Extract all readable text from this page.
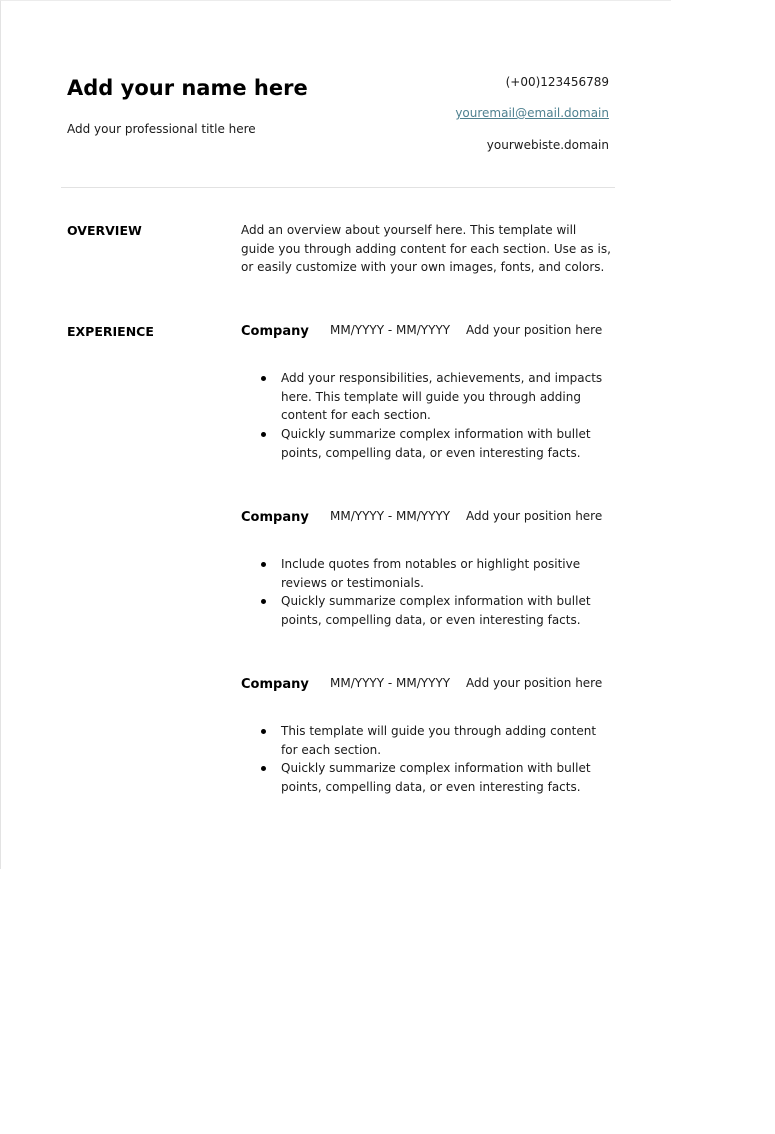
Add your name here
Add your professional title here
(+00)123456789
youremail@email.domain
yourwebiste.domain
OVERVIEW	Add an overview about yourself here. This template will guide you through adding content for each section. Use as is, or easily customize with your own images, fonts, and colors.
EXPERIENCE	Company MM/YYYY - MM/YYYY Add your position here
Add your responsibilities, achievements, and impacts here. This template will guide you through adding content for each section.
Quickly summarize complex information with bullet points, compelling data, or even interesting facts.
Company MM/YYYY - MM/YYYY Add your position here
Include quotes from notables or highlight positive reviews or testimonials.
Quickly summarize complex information with bullet points, compelling data, or even interesting facts.
Company MM/YYYY - MM/YYYY Add your position here
This template will guide you through adding content for each section.
Quickly summarize complex information with bullet points, compelling data, or even interesting facts.
